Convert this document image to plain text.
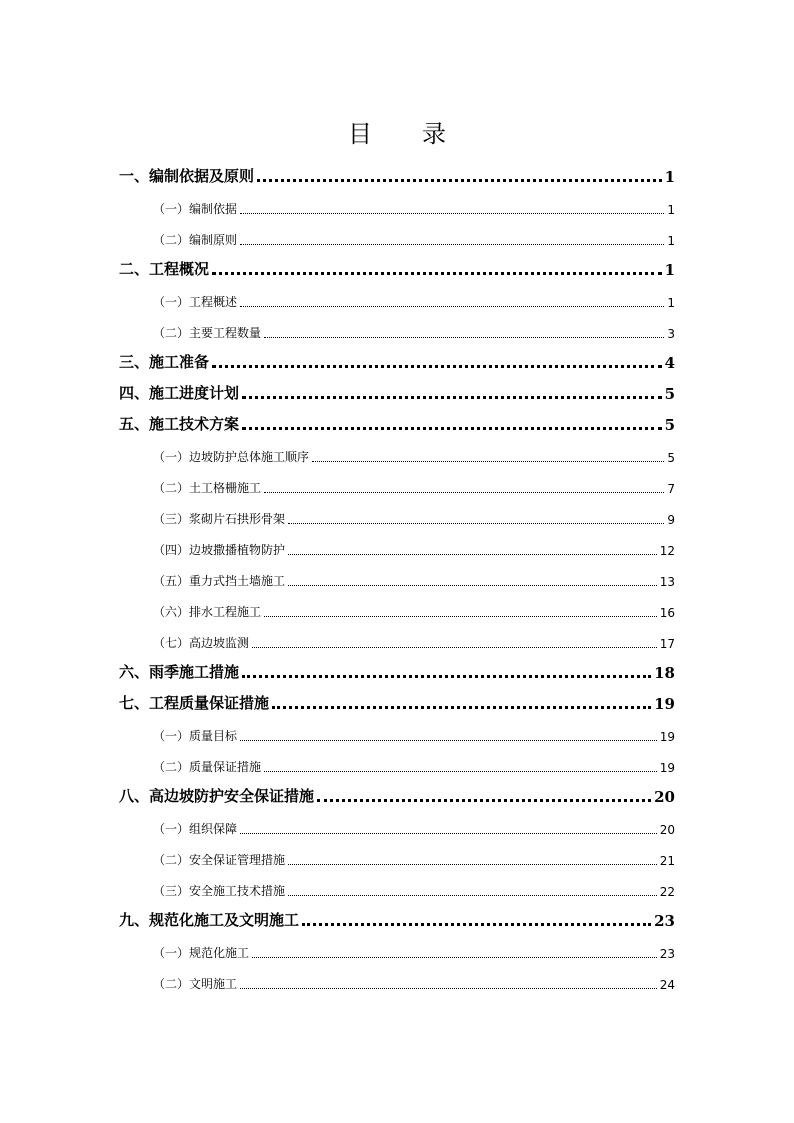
目 录
一、编制依据及原则	1
（一）编制依据	1
（二）编制原则	1
二、工程概况	1
（一）工程概述	1
（二）主要工程数量	3
三、施工准备	4
四、施工进度计划	5
五、施工技术方案	5
（一）边坡防护总体施工顺序	5
（二）土工格栅施工	7
（三）浆砌片石拱形骨架	9
（四）边坡撒播植物防护	12
（五）重力式挡土墙施工	13
（六）排水工程施工	16
（七）高边坡监测	17
六、雨季施工措施	18
七、工程质量保证措施	19
（一）质量目标	19
（二）质量保证措施	19
八、高边坡防护安全保证措施	20
（一）组织保障	20
（二）安全保证管理措施	21
（三）安全施工技术措施	22
九、规范化施工及文明施工	23
（一）规范化施工	23
（二）文明施工	24
